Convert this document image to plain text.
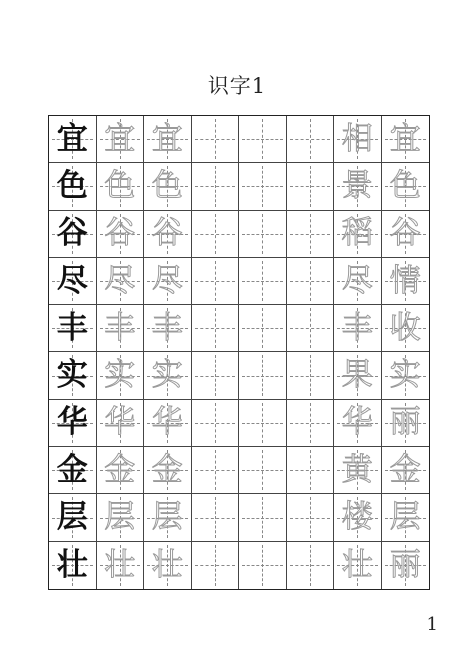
识字1
宜 宜 宜	相 宜
色 色 色	景 色
谷 谷 谷	稻 谷
尽 尽 尽	尽 情
丰 丰 丰	丰 收
实 实 实	果 实
华 华 华	华 丽
金 金 金	黄 金
层 层 层	楼 层
壮 壮 壮	壮 丽
1
